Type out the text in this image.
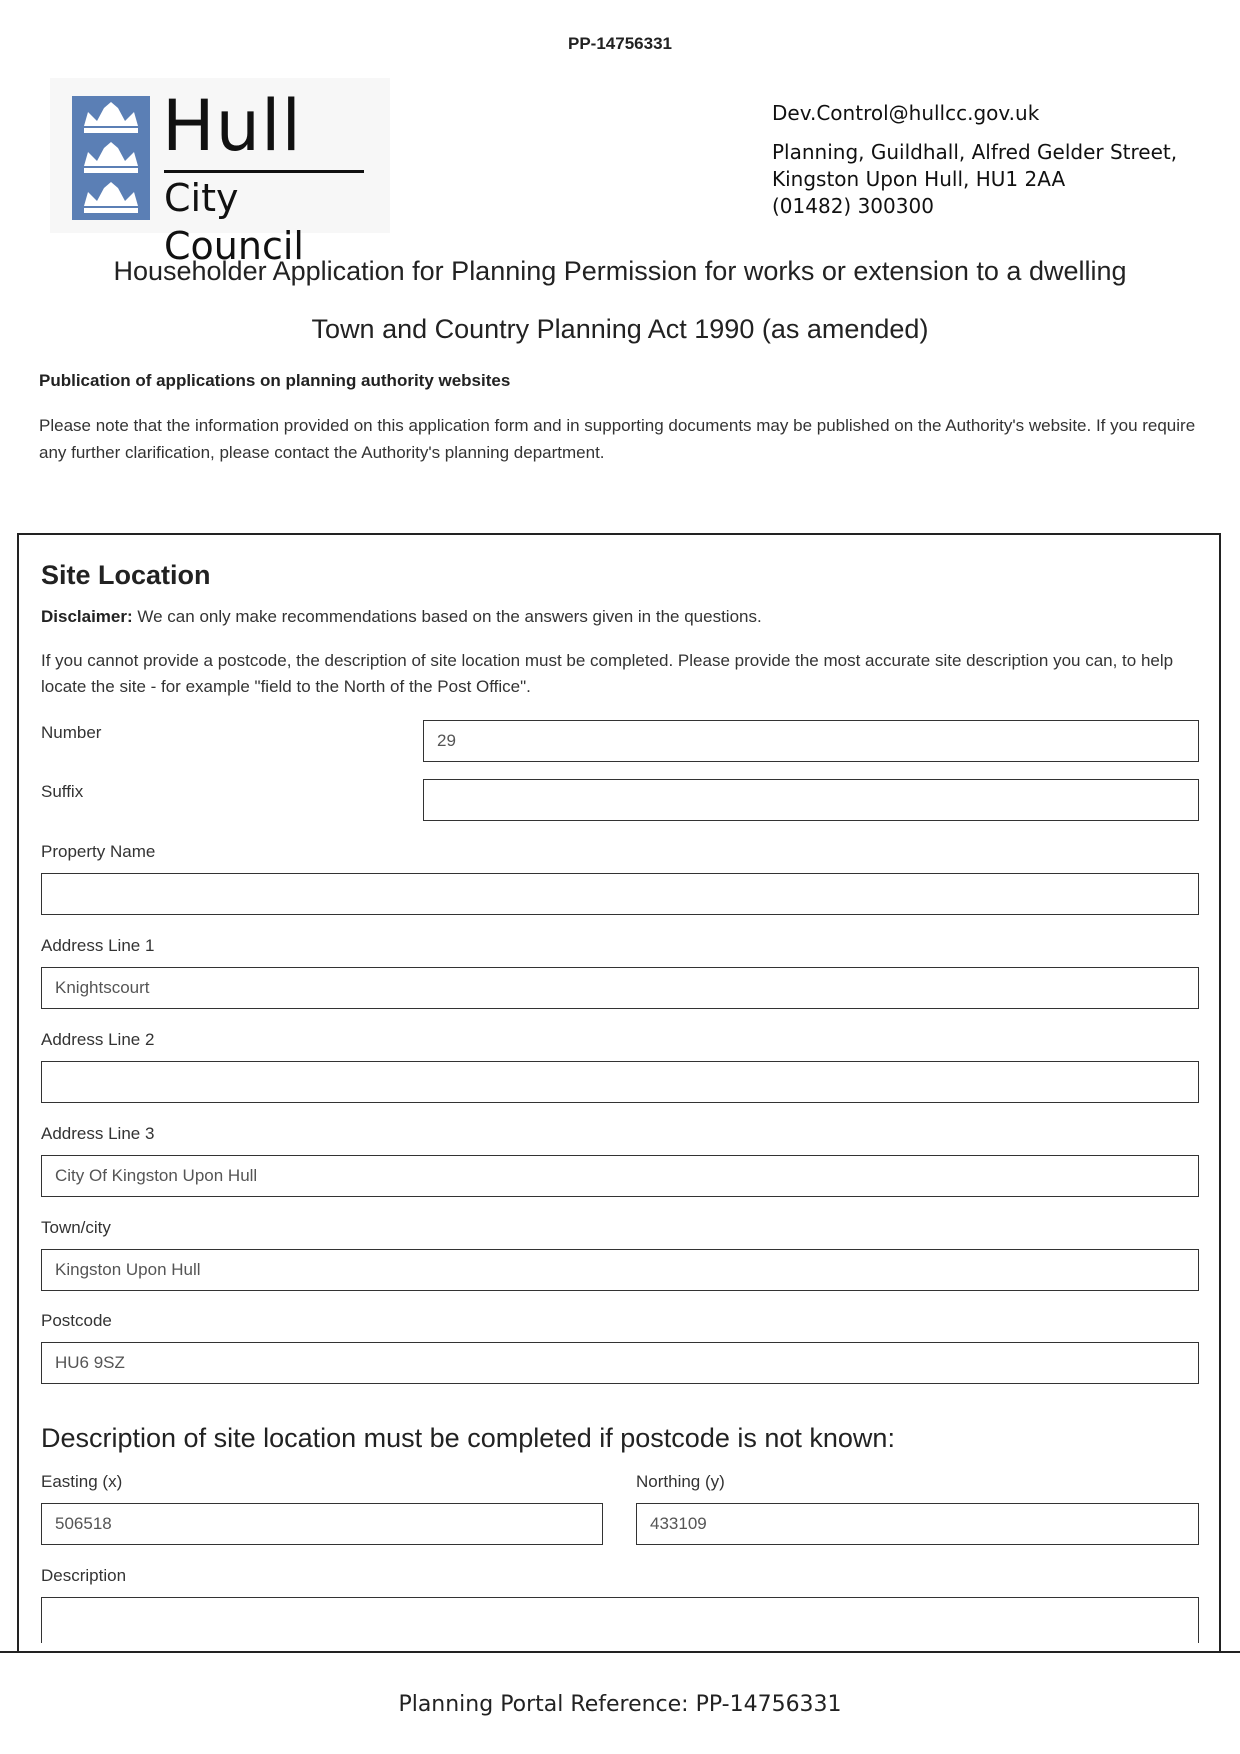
PP-14756331
Hull
City Council
Dev.Control@hullcc.gov.uk
Planning, Guildhall, Alfred Gelder Street,
Kingston Upon Hull, HU1 2AA
(01482) 300300
Householder Application for Planning Permission for works or extension to a dwelling
Town and Country Planning Act 1990 (as amended)
Publication of applications on planning authority websites
Please note that the information provided on this application form and in supporting documents may be published on the Authority's website. If you require any further clarification, please contact the Authority's planning department.
Site Location
Disclaimer: We can only make recommendations based on the answers given in the questions.
If you cannot provide a postcode, the description of site location must be completed. Please provide the most accurate site description you can, to help locate the site - for example "field to the North of the Post Office".
Number	29
Suffix
Property Name
Address Line 1
Knightscourt
Address Line 2
Address Line 3
City Of Kingston Upon Hull
Town/city
Kingston Upon Hull
Postcode
HU6 9SZ
Description of site location must be completed if postcode is not known:
Easting (x)
506518
Northing (y)
433109
Description
Planning Portal Reference: PP-14756331
